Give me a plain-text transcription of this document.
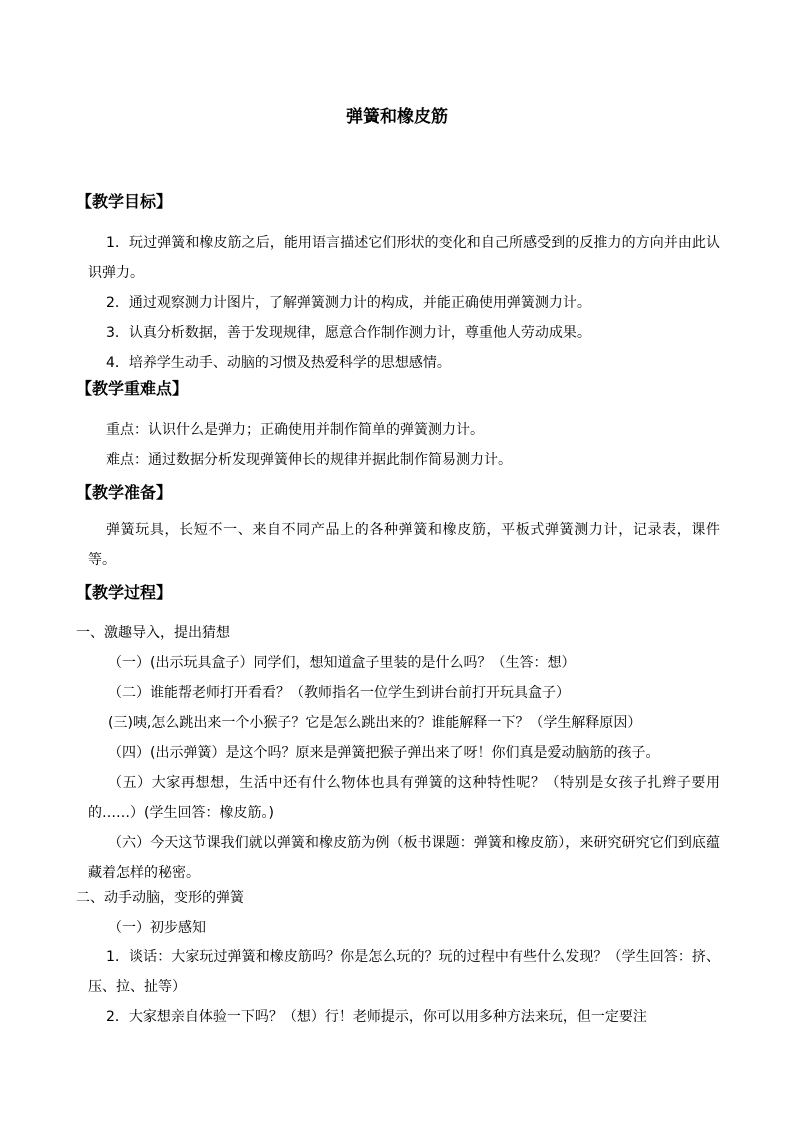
弹簧和橡皮筋
【教学目标】

1．玩过弹簧和橡皮筋之后，能用语言描述它们形状的变化和自己所感受到的反推力的方向并由此认识弹力。

2．通过观察测力计图片，了解弹簧测力计的构成，并能正确使用弹簧测力计。

3．认真分析数据，善于发现规律，愿意合作制作测力计，尊重他人劳动成果。

4．培养学生动手、动脑的习惯及热爱科学的思想感情。

【教学重难点】

重点：认识什么是弹力；正确使用并制作简单的弹簧测力计。

难点：通过数据分析发现弹簧伸长的规律并据此制作简易测力计。

【教学准备】

弹簧玩具，长短不一、来自不同产品上的各种弹簧和橡皮筋，平板式弹簧测力计，记录表，课件等。

【教学过程】
一、激趣导入，提出猜想

（一）(出示玩具盒子）同学们，想知道盒子里装的是什么吗？（生答：想）

（二）谁能帮老师打开看看？（教师指名一位学生到讲台前打开玩具盒子）

(三)咦,怎么跳出来一个小猴子？它是怎么跳出来的？谁能解释一下？（学生解释原因）

（四）(出示弹簧）是这个吗？原来是弹簧把猴子弹出来了呀！你们真是爱动脑筋的孩子。

（五）大家再想想，生活中还有什么物体也具有弹簧的这种特性呢？（特别是女孩子扎辫子要用的……）(学生回答：橡皮筋。)

（六）今天这节课我们就以弹簧和橡皮筋为例（板书课题：弹簧和橡皮筋），来研究研究它们到底蕴藏着怎样的秘密。

二、动手动脑，变形的弹簧
（一）初步感知

1．谈话：大家玩过弹簧和橡皮筋吗？你是怎么玩的？玩的过程中有些什么发现？（学生回答：挤、压、拉、扯等）

2．大家想亲自体验一下吗？（想）行！老师提示，你可以用多种方法来玩，但一定要注
